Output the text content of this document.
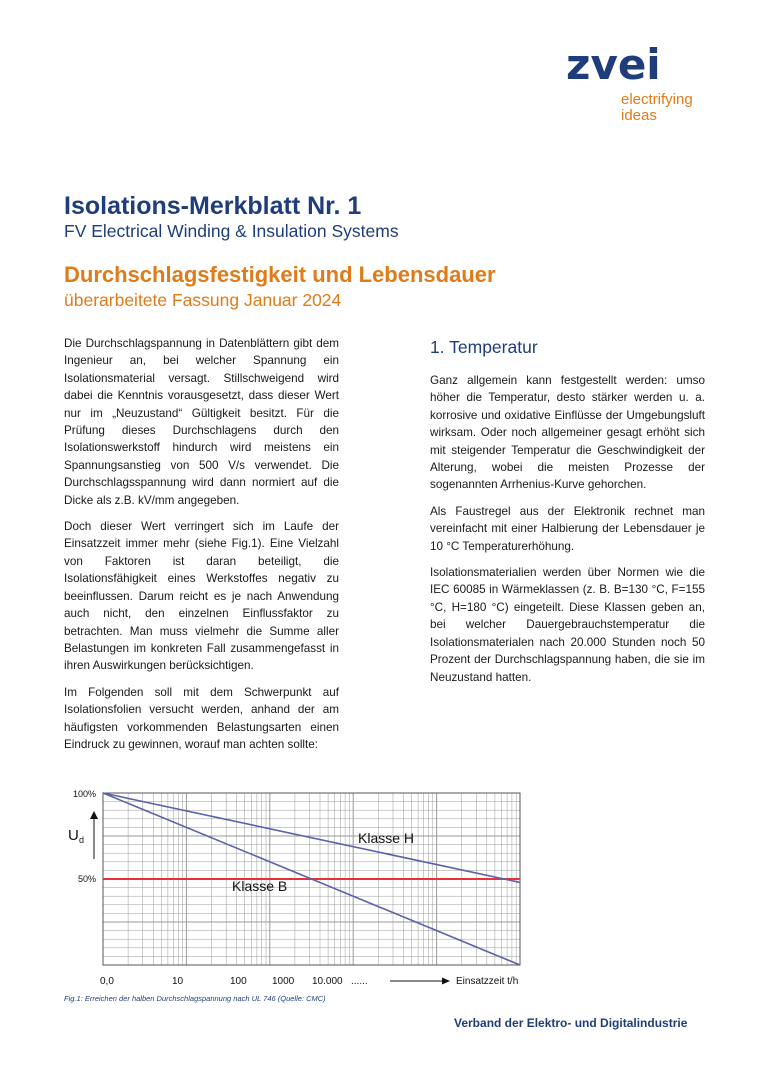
zvei
electrifying
ideas
Isolations-Merkblatt Nr. 1
FV Electrical Winding & Insulation Systems
Durchschlagsfestigkeit und Lebensdauer
überarbeitete Fassung Januar 2024

Die Durchschlagspannung in Datenblättern gibt dem Ingenieur an, bei welcher Spannung ein Isolationsmaterial versagt. Stillschweigend wird dabei die Kenntnis vorausgesetzt, dass dieser Wert nur im „Neuzustand“ Gültigkeit besitzt. Für die Prüfung dieses Durchschlagens durch den Isolationswerkstoff hindurch wird meistens ein Spannungsanstieg von 500 V/s verwendet. Die Durchschlagsspannung wird dann normiert auf die Dicke als z.B. kV/mm angegeben.

Doch dieser Wert verringert sich im Laufe der Einsatzzeit immer mehr (siehe Fig.1). Eine Vielzahl von Faktoren ist daran beteiligt, die Isolationsfähigkeit eines Werkstoffes negativ zu beeinflussen. Darum reicht es je nach Anwendung auch nicht, den einzelnen Einflussfaktor zu betrachten. Man muss vielmehr die Summe aller Belastungen im konkreten Fall zusammengefasst in ihren Auswirkungen berücksichtigen.

Im Folgenden soll mit dem Schwerpunkt auf Isolationsfolien versucht werden, anhand der am häufigsten vorkommenden Belastungsarten einen Eindruck zu gewinnen, worauf man achten sollte:

1. Temperatur

Ganz allgemein kann festgestellt werden: umso höher die Temperatur, desto stärker werden u. a. korrosive und oxidative Einflüsse der Umgebungsluft wirksam. Oder noch allgemeiner gesagt erhöht sich mit steigender Temperatur die Geschwindigkeit der Alterung, wobei die meisten Prozesse der sogenannten Arrhenius-Kurve gehorchen.

Als Faustregel aus der Elektronik rechnet man vereinfacht mit einer Halbierung der Lebensdauer je 10 °C Temperaturerhöhung.

Isolationsmaterialien werden über Normen wie die IEC 60085 in Wärmeklassen (z. B. B=130 °C, F=155 °C, H=180 °C) eingeteilt. Diese Klassen geben an, bei welcher Dauergebrauchstemperatur die Isolationsmaterialen nach 20.000 Stunden noch 50 Prozent der Durchschlagspannung haben, die sie im Neuzustand hatten.

Klasse H
Klasse B
100%
50%
U d
0,0	10	100	1000 10.000 ......	Einsatzzeit t/h
Fig.1: Erreichen der halben Durchschlagspannung nach UL 746 (Quelle: CMC)
Verband der Elektro- und Digitalindustrie
